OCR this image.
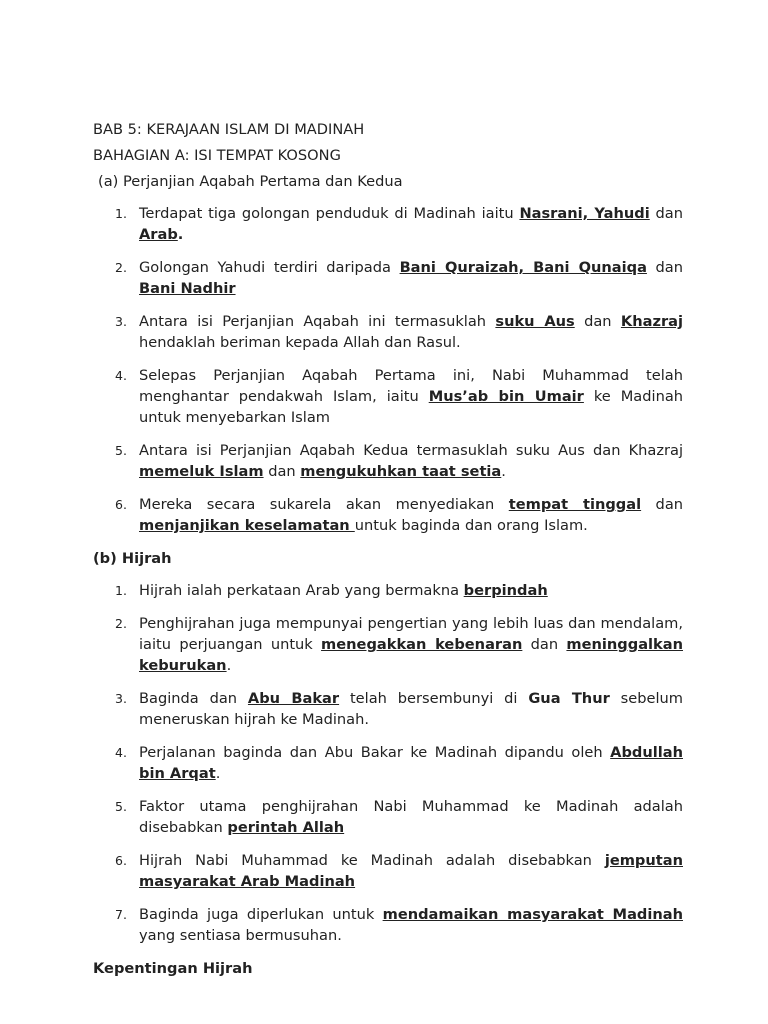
BAB 5: KERAJAAN ISLAM DI MADINAH

BAHAGIAN A: ISI TEMPAT KOSONG

(a) Perjanjian Aqabah Pertama dan Kedua

1. Terdapat tiga golongan penduduk di Madinah iaitu Nasrani, Yahudi dan Arab.
2. Golongan Yahudi terdiri daripada Bani Quraizah, Bani Qunaiqa dan Bani Nadhir
3. Antara isi Perjanjian Aqabah ini termasuklah suku Aus dan Khazraj hendaklah beriman kepada Allah dan Rasul.
4. Selepas Perjanjian Aqabah Pertama ini, Nabi Muhammad telah menghantar pendakwah Islam, iaitu Mus’ab bin Umair ke Madinah untuk menyebarkan Islam
5. Antara isi Perjanjian Aqabah Kedua termasuklah suku Aus dan Khazraj memeluk Islam dan mengukuhkan taat setia.
6. Mereka secara sukarela akan menyediakan tempat tinggal dan menjanjikan keselamatan untuk baginda dan orang Islam.

(b) Hijrah

1. Hijrah ialah perkataan Arab yang bermakna berpindah
2. Penghijrahan juga mempunyai pengertian yang lebih luas dan mendalam, iaitu perjuangan untuk menegakkan kebenaran dan meninggalkan keburukan.
3. Baginda dan Abu Bakar telah bersembunyi di Gua Thur sebelum meneruskan hijrah ke Madinah.
4. Perjalanan baginda dan Abu Bakar ke Madinah dipandu oleh Abdullah bin Arqat.
5. Faktor utama penghijrahan Nabi Muhammad ke Madinah adalah disebabkan perintah Allah
6. Hijrah Nabi Muhammad ke Madinah adalah disebabkan jemputan masyarakat Arab Madinah
7. Baginda juga diperlukan untuk mendamaikan masyarakat Madinah yang sentiasa bermusuhan.

Kepentingan Hijrah
